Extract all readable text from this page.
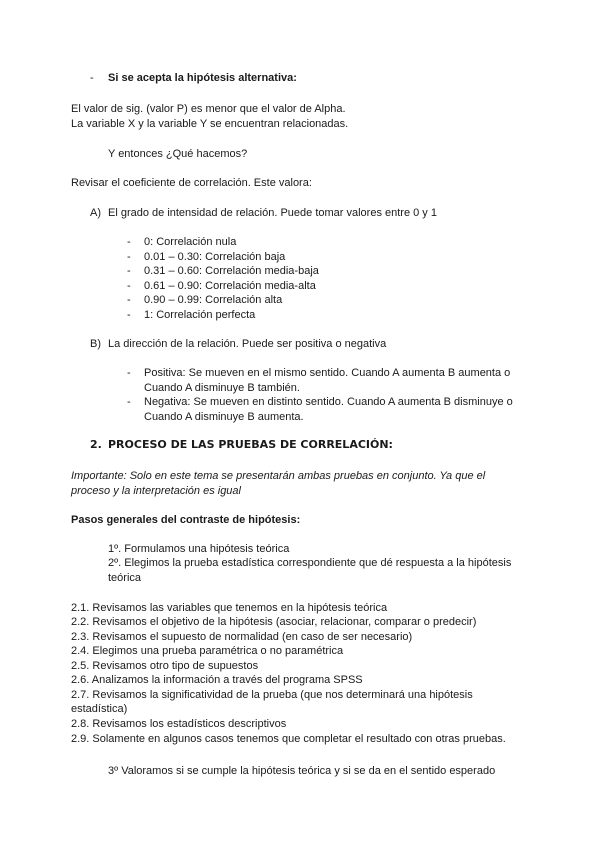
- Si se acepta la hipótesis alternativa:
El valor de sig. (valor P) es menor que el valor de Alpha.
La variable X y la variable Y se encuentran relacionadas.
Y entonces ¿Qué hacemos?
Revisar el coeficiente de correlación. Este valora:
A) El grado de intensidad de relación. Puede tomar valores entre 0 y 1
- 0: Correlación nula
- 0.01 – 0.30: Correlación baja
- 0.31 – 0.60: Correlación media-baja
- 0.61 – 0.90: Correlación media-alta
- 0.90 – 0.99: Correlación alta
- 1: Correlación perfecta
B) La dirección de la relación. Puede ser positiva o negativa
- Positiva: Se mueven en el mismo sentido. Cuando A aumenta B aumenta o
Cuando A disminuye B también.
- Negativa: Se mueven en distinto sentido. Cuando A aumenta B disminuye o
Cuando A disminuye B aumenta.
2. PROCESO DE LAS PRUEBAS DE CORRELACIÓN:
Importante: Solo en este tema se presentarán ambas pruebas en conjunto. Ya que el
proceso y la interpretación es igual
Pasos generales del contraste de hipótesis:
1º. Formulamos una hipótesis teórica
2º. Elegimos la prueba estadística correspondiente que dé respuesta a la hipótesis
teórica
2.1. Revisamos las variables que tenemos en la hipótesis teórica
2.2. Revisamos el objetivo de la hipótesis (asociar, relacionar, comparar o predecir)
2.3. Revisamos el supuesto de normalidad (en caso de ser necesario)
2.4. Elegimos una prueba paramétrica o no paramétrica
2.5. Revisamos otro tipo de supuestos
2.6. Analizamos la información a través del programa SPSS
2.7. Revisamos la significatividad de la prueba (que nos determinará una hipótesis
estadística)
2.8. Revisamos los estadísticos descriptivos
2.9. Solamente en algunos casos tenemos que completar el resultado con otras pruebas.
3º Valoramos si se cumple la hipótesis teórica y si se da en el sentido esperado
